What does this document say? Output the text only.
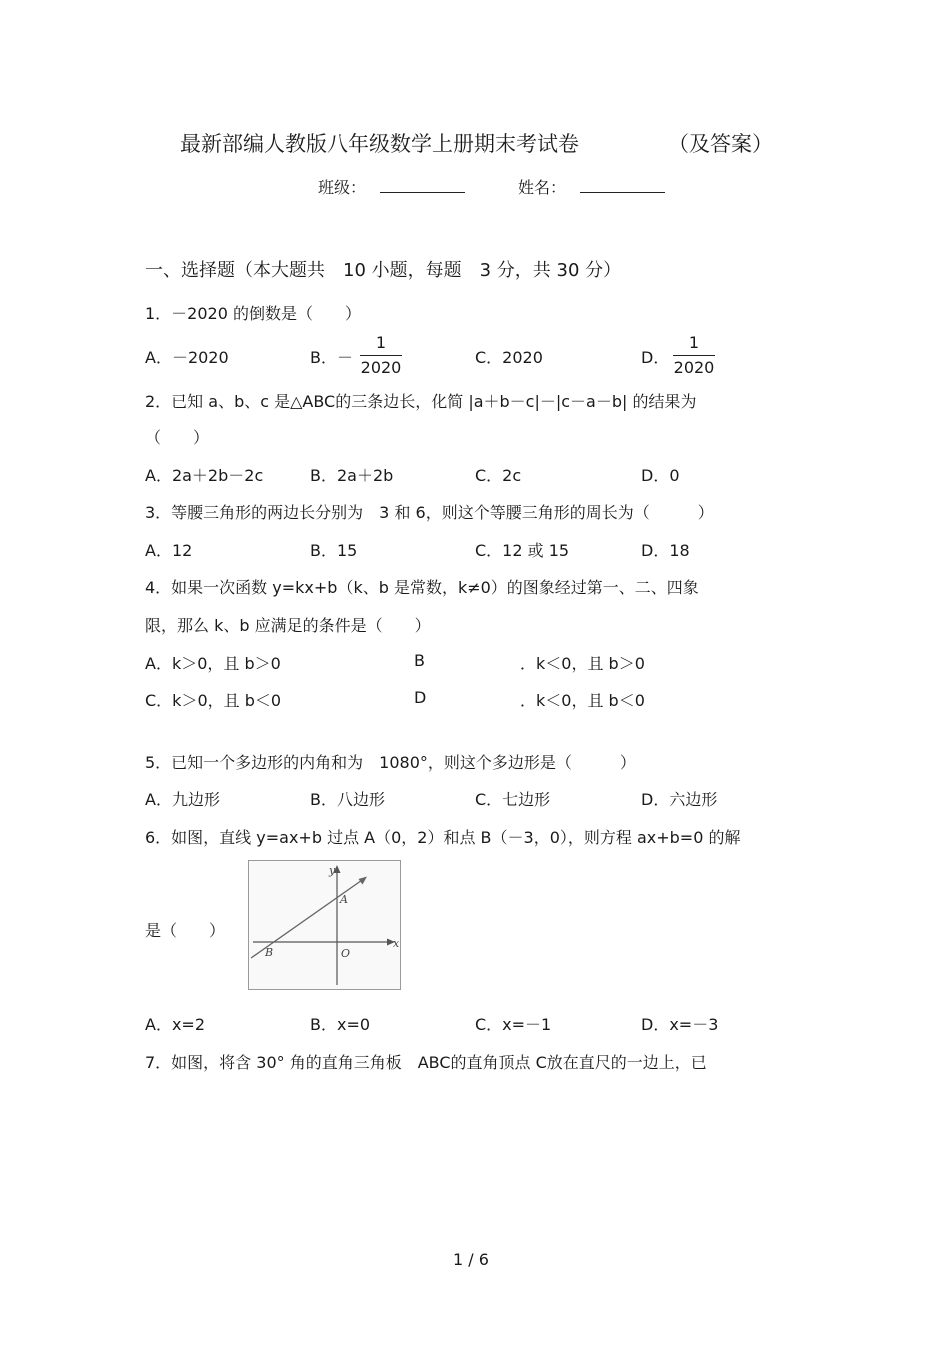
最新部编人教版八年级数学上册期末考试卷	（及答案）
班级：	姓名：
一、选择题（本大题共　10 小题，每题　3 分，共 30 分）
1．－2020 的倒数是（　　）
A．－2020	B．－
1
2020
C．2020	D．
1
2020
2．已知 a、b、c 是△ABC的三条边长，化简 |a＋b－c|－|c－a－b| 的结果为
（　　）
A．2a＋2b－2c	B．2a＋2b	C．2c	D．0
3．等腰三角形的两边长分别为　3 和 6，则这个等腰三角形的周长为（　　　）
A．12	B．15	C．12 或 15	D．18
4．如果一次函数 y=kx+b（k、b 是常数，k≠0）的图象经过第一、二、四象
限，那么 k、b 应满足的条件是（　　）
A．k＞0，且 b＞0	B	．k＜0，且 b＞0
C．k＞0，且 b＜0	D	．k＜0，且 b＜0
5．已知一个多边形的内角和为　1080°，则这个多边形是（　　　）
A．九边形	B．八边形	C．七边形	D．六边形
6．如图，直线 y=ax+b 过点 A（0，2）和点 B（－3，0），则方程 ax+b=0 的解
是（　　）
y
x
A
B	O
A．x=2	B．x=0	C．x=－1	D．x=－3
7．如图，将含 30° 角的直角三角板　ABC的直角顶点 C放在直尺的一边上，已
1 / 6
